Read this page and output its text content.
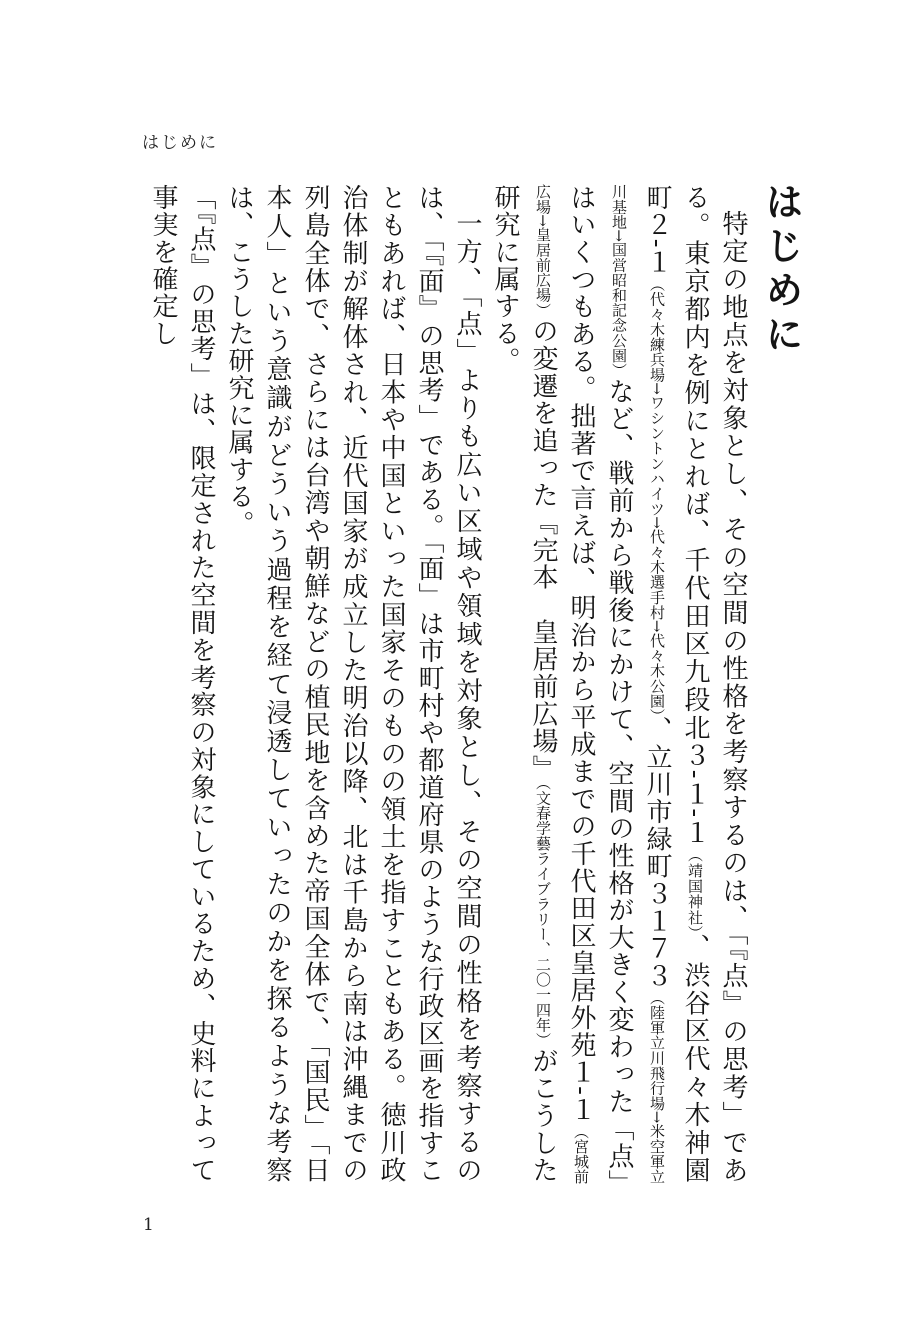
はじめに
はじめに

特定の地点を対象とし、その空間の性格を考察するのは、「『点』の思考」である。東京都内を例にとれば、千代田区九段北３-１-１（靖国神社）、渋谷区代々木神園町２-１（代々木練兵場→ワシントンハイツ→代々木選手村→代々木公園）、立川市緑町３１７３（陸軍立川飛行場→米空軍立川基地→国営昭和記念公園）など、戦前から戦後にかけて、空間の性格が大きく変わった「点」はいくつもある。拙著で言えば、明治から平成までの千代田区皇居外苑１-１（宮城前広場→皇居前広場）の変遷を追った『完本　皇居前広場』（文春学藝ライブラリー、二〇一四年）がこうした研究に属する。

一方、「点」よりも広い区域や領域を対象とし、その空間の性格を考察するのは、「『面』の思考」である。「面」は市町村や都道府県のような行政区画を指すこともあれば、日本や中国といった国家そのものの領土を指すこともある。徳川政治体制が解体され、近代国家が成立した明治以降、北は千島から南は沖縄までの列島全体で、さらには台湾や朝鮮などの植民地を含めた帝国全体で、「国民」「日本人」という意識がどういう過程を経て浸透していったのかを探るような考察は、こうした研究に属する。

「『点』の思考」は、限定された空間を考察の対象にしているため、史料によって事実を確定し

1
